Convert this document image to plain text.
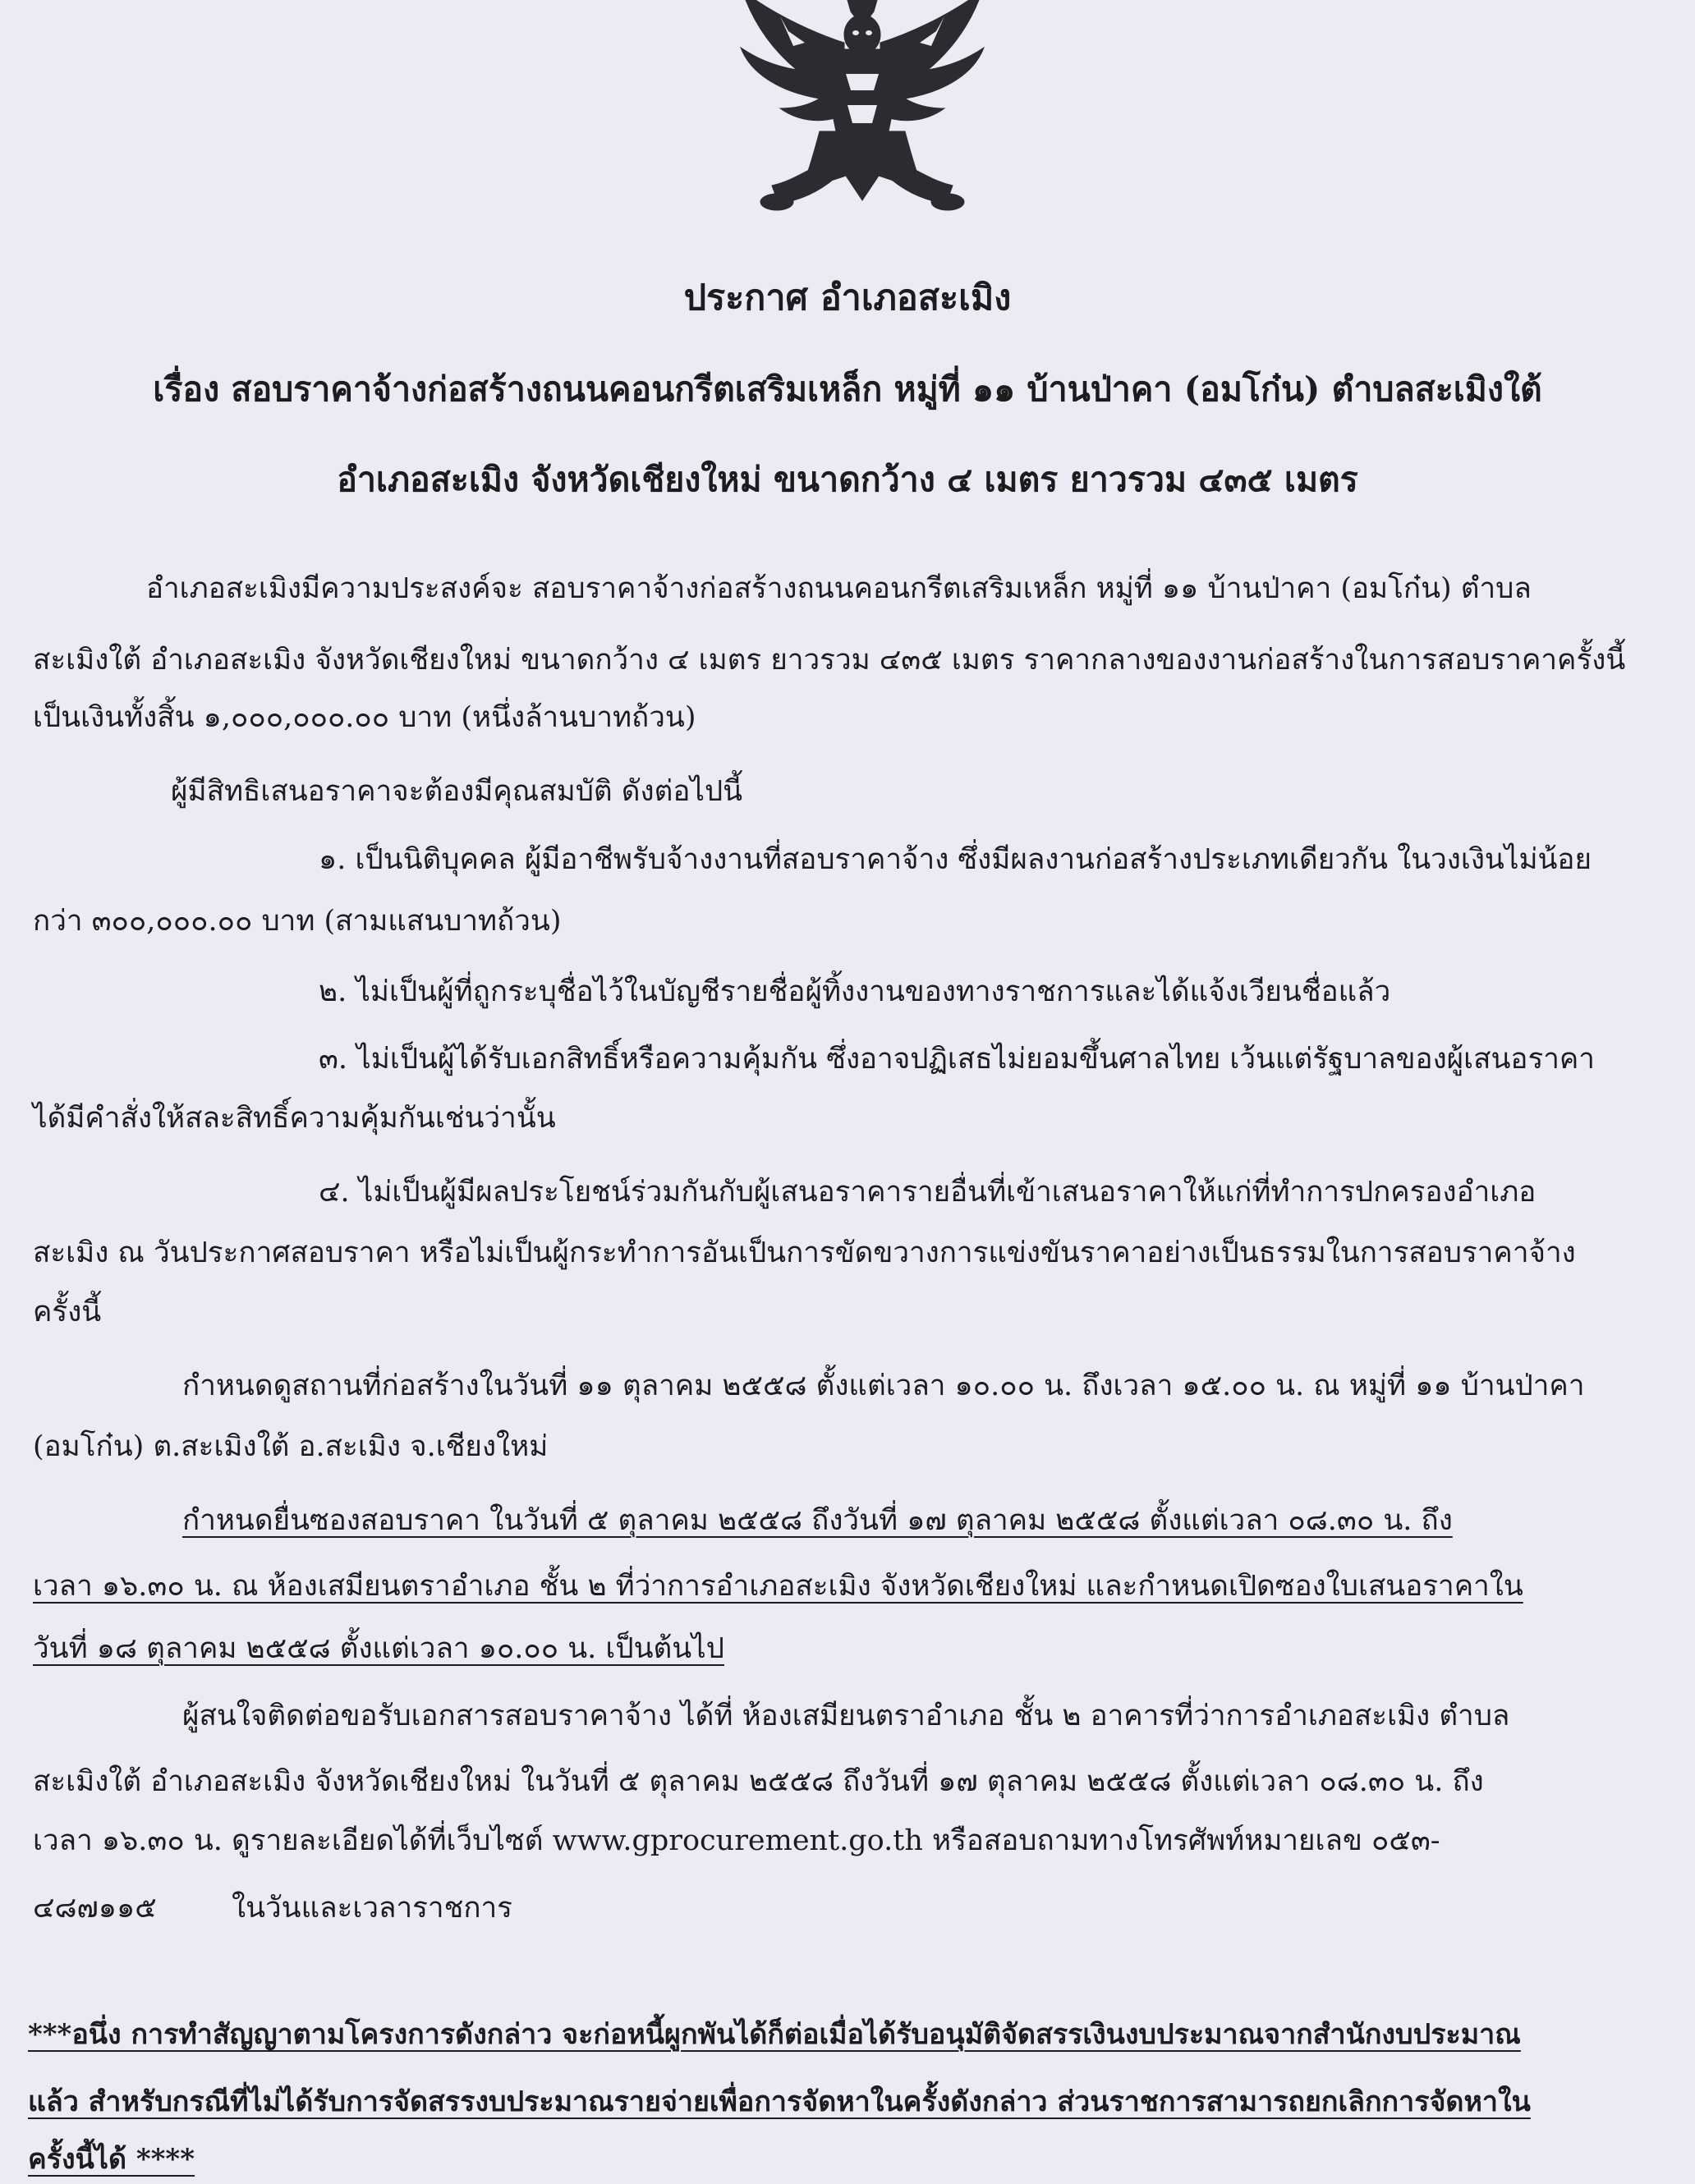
ประกาศ อำเภอสะเมิง
เรื่อง สอบราคาจ้างก่อสร้างถนนคอนกรีตเสริมเหล็ก หมู่ที่ ๑๑ บ้านป่าคา (อมโก๋น) ตำบลสะเมิงใต้
อำเภอสะเมิง จังหวัดเชียงใหม่ ขนาดกว้าง ๔ เมตร ยาวรวม ๔๓๕ เมตร
อำเภอสะเมิงมีความประสงค์จะ สอบราคาจ้างก่อสร้างถนนคอนกรีตเสริมเหล็ก หมู่ที่ ๑๑ บ้านป่าคา (อมโก๋น) ตำบล
สะเมิงใต้ อำเภอสะเมิง จังหวัดเชียงใหม่ ขนาดกว้าง ๔ เมตร ยาวรวม ๔๓๕ เมตร ราคากลางของงานก่อสร้างในการสอบราคาครั้งนี้
เป็นเงินทั้งสิ้น ๑,๐๐๐,๐๐๐.๐๐ บาท (หนึ่งล้านบาทถ้วน)
ผู้มีสิทธิเสนอราคาจะต้องมีคุณสมบัติ ดังต่อไปนี้
๑. เป็นนิติบุคคล ผู้มีอาชีพรับจ้างงานที่สอบราคาจ้าง ซึ่งมีผลงานก่อสร้างประเภทเดียวกัน ในวงเงินไม่น้อย
กว่า ๓๐๐,๐๐๐.๐๐ บาท (สามแสนบาทถ้วน)
๒. ไม่เป็นผู้ที่ถูกระบุชื่อไว้ในบัญชีรายชื่อผู้ทิ้งงานของทางราชการและได้แจ้งเวียนชื่อแล้ว
๓. ไม่เป็นผู้ได้รับเอกสิทธิ์หรือความคุ้มกัน ซึ่งอาจปฏิเสธไม่ยอมขึ้นศาลไทย เว้นแต่รัฐบาลของผู้เสนอราคา
ได้มีคำสั่งให้สละสิทธิ์ความคุ้มกันเช่นว่านั้น
๔. ไม่เป็นผู้มีผลประโยชน์ร่วมกันกับผู้เสนอราคารายอื่นที่เข้าเสนอราคาให้แก่ที่ทำการปกครองอำเภอ
สะเมิง ณ วันประกาศสอบราคา หรือไม่เป็นผู้กระทำการอันเป็นการขัดขวางการแข่งขันราคาอย่างเป็นธรรมในการสอบราคาจ้าง
ครั้งนี้
กำหนดดูสถานที่ก่อสร้างในวันที่ ๑๑ ตุลาคม ๒๕๕๘ ตั้งแต่เวลา ๑๐.๐๐ น. ถึงเวลา ๑๕.๐๐ น. ณ หมู่ที่ ๑๑ บ้านป่าคา
(อมโก๋น) ต.สะเมิงใต้ อ.สะเมิง จ.เชียงใหม่
กำหนดยื่นซองสอบราคา ในวันที่ ๕ ตุลาคม ๒๕๕๘ ถึงวันที่ ๑๗ ตุลาคม ๒๕๕๘ ตั้งแต่เวลา ๐๘.๓๐ น. ถึง
เวลา ๑๖.๓๐ น. ณ ห้องเสมียนตราอำเภอ ชั้น ๒ ที่ว่าการอำเภอสะเมิง จังหวัดเชียงใหม่ และกำหนดเปิดซองใบเสนอราคาใน
วันที่ ๑๘ ตุลาคม ๒๕๕๘ ตั้งแต่เวลา ๑๐.๐๐ น. เป็นต้นไป
ผู้สนใจติดต่อขอรับเอกสารสอบราคาจ้าง ได้ที่ ห้องเสมียนตราอำเภอ ชั้น ๒ อาคารที่ว่าการอำเภอสะเมิง ตำบล
สะเมิงใต้ อำเภอสะเมิง จังหวัดเชียงใหม่ ในวันที่ ๕ ตุลาคม ๒๕๕๘ ถึงวันที่ ๑๗ ตุลาคม ๒๕๕๘ ตั้งแต่เวลา ๐๘.๓๐ น. ถึง
เวลา ๑๖.๓๐ น. ดูรายละเอียดได้ที่เว็บไซต์ www.gprocurement.go.th หรือสอบถามทางโทรศัพท์หมายเลข ๐๕๓-
๔๘๗๑๑๕	ในวันและเวลาราชการ
***อนึ่ง การทำสัญญาตามโครงการดังกล่าว จะก่อหนี้ผูกพันได้ก็ต่อเมื่อได้รับอนุมัติจัดสรรเงินงบประมาณจากสำนักงบประมาณ
แล้ว สำหรับกรณีที่ไม่ได้รับการจัดสรรงบประมาณรายจ่ายเพื่อการจัดหาในครั้งดังกล่าว ส่วนราชการสามารถยกเลิกการจัดหาใน
ครั้งนี้ได้ ****
